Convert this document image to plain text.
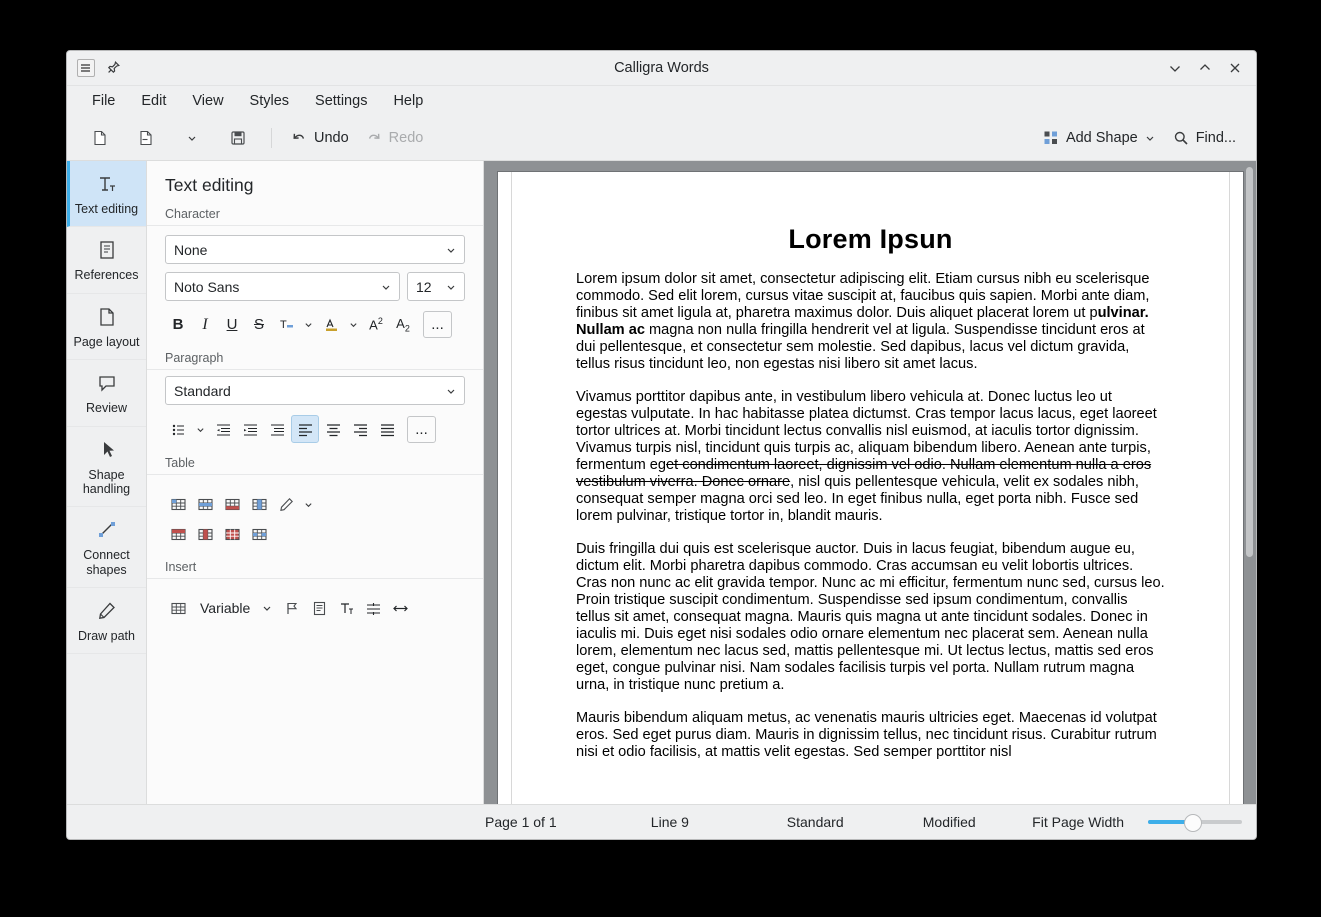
Calligra Words
File	Edit	View	Styles	Settings	Help
Undo	Redo	Add Shape	Find...
Text editing
References
Page layout
Review
Shape handling
Connect shapes
Draw path
Text editing
Character
None
Noto Sans	12
B I U S T	$A^2$ $A_2$	...
Paragraph
Standard
...
Table
Insert
Variable
Lorem Ipsun

Lorem ipsum dolor sit amet, consectetur adipiscing elit. Etiam cursus nibh eu scelerisque commodo. Sed elit lorem, cursus vitae suscipit at, faucibus quis sapien. Morbi ante diam, finibus sit amet ligula at, pharetra maximus dolor. Duis aliquet placerat lorem ut pulvinar. Nullam ac magna non nulla fringilla hendrerit vel at ligula. Suspendisse tincidunt eros at dui pellentesque, et consectetur sem molestie. Sed dapibus, lacus vel dictum gravida, tellus risus tincidunt leo, non egestas nisi libero sit amet lacus.

Vivamus porttitor dapibus ante, in vestibulum libero vehicula at. Donec luctus leo ut egestas vulputate. In hac habitasse platea dictumst. Cras tempor lacus lacus, eget laoreet tortor ultrices at. Morbi tincidunt lectus convallis nisl euismod, at iaculis tortor dignissim. Vivamus turpis nisl, tincidunt quis turpis ac, aliquam bibendum libero. Aenean ante turpis, fermentum eget condimentum laoreet, dignissim vel odio. Nullam elementum nulla a eros vestibulum viverra. Donec ornare, nisl quis pellentesque vehicula, velit ex sodales nibh, consequat semper magna orci sed leo. In eget finibus nulla, eget porta nibh. Fusce sed lorem pulvinar, tristique tortor in, blandit mauris.

Duis fringilla dui quis est scelerisque auctor. Duis in lacus feugiat, bibendum augue eu, dictum elit. Morbi pharetra dapibus commodo. Cras accumsan eu velit lobortis ultrices. Cras non nunc ac elit gravida tempor. Nunc ac mi efficitur, fermentum nunc sed, cursus leo. Proin tristique suscipit condimentum. Suspendisse sed ipsum condimentum, convallis tellus sit amet, consequat magna. Mauris quis magna ut ante tincidunt sodales. Donec in iaculis mi. Duis eget nisi sodales odio ornare elementum nec placerat sem. Aenean nulla lorem, elementum nec lacus sed, mattis pellentesque mi. Ut lectus lectus, mattis sed eros eget, congue pulvinar nisi. Nam sodales facilisis turpis vel porta. Nullam rutrum magna urna, in tristique nunc pretium a.

Mauris bibendum aliquam metus, ac venenatis mauris ultricies eget. Maecenas id volutpat eros. Sed eget purus diam. Mauris in dignissim tellus, nec tincidunt risus. Curabitur rutrum nisi et odio facilisis, at mattis velit egestas. Sed semper porttitor nisl

Page 1 of 1	Line 9	Standard	Modified	Fit Page Width
